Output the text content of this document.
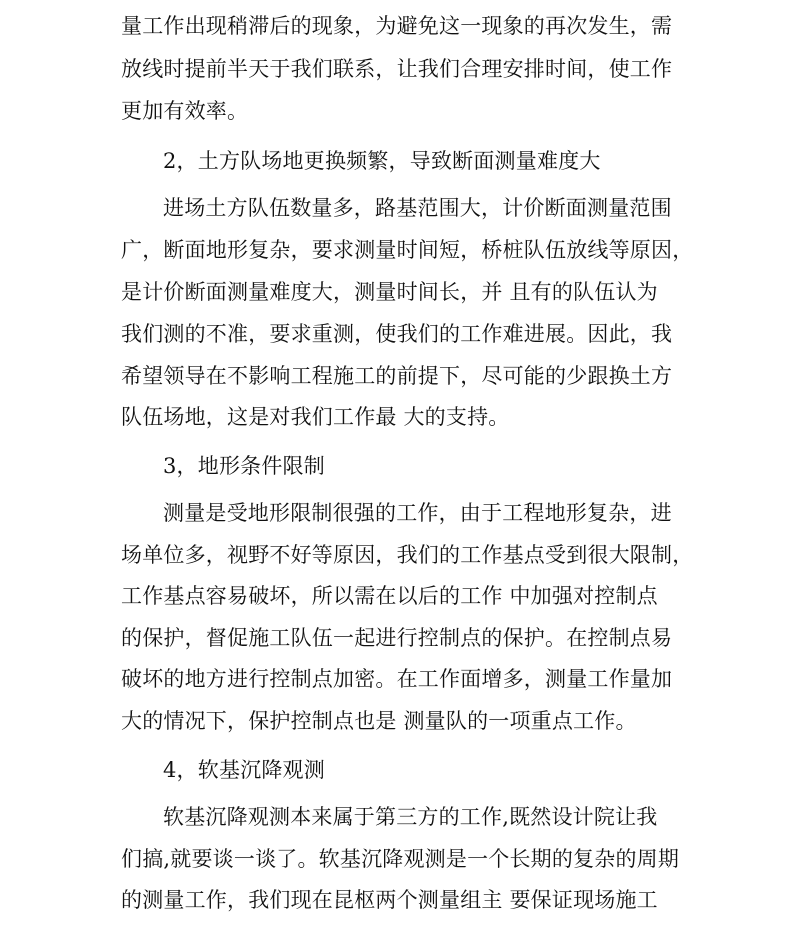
量工作出现稍滞后的现象，为避免这一现象的再次发生，需
放线时提前半天于我们联系，让我们合理安排时间，使工作
更加有效率。
2，土方队场地更换频繁，导致断面测量难度大
进场土方队伍数量多，路基范围大，计价断面测量范围
广，断面地形复杂，要求测量时间短，桥桩队伍放线等原因，
是计价断面测量难度大，测量时间长，并 且有的队伍认为
我们测的不准，要求重测，使我们的工作难进展。因此，我
希望领导在不影响工程施工的前提下，尽可能的少跟换土方
队伍场地，这是对我们工作最 大的支持。
3，地形条件限制
测量是受地形限制很强的工作，由于工程地形复杂，进
场单位多，视野不好等原因，我们的工作基点受到很大限制，
工作基点容易破坏，所以需在以后的工作 中加强对控制点
的保护，督促施工队伍一起进行控制点的保护。在控制点易
破坏的地方进行控制点加密。在工作面增多，测量工作量加
大的情况下，保护控制点也是 测量队的一项重点工作。
4，软基沉降观测
软基沉降观测本来属于第三方的工作,既然设计院让我
们搞,就要谈一谈了。软基沉降观测是一个长期的复杂的周期
的测量工作，我们现在昆枢两个测量组主 要保证现场施工
